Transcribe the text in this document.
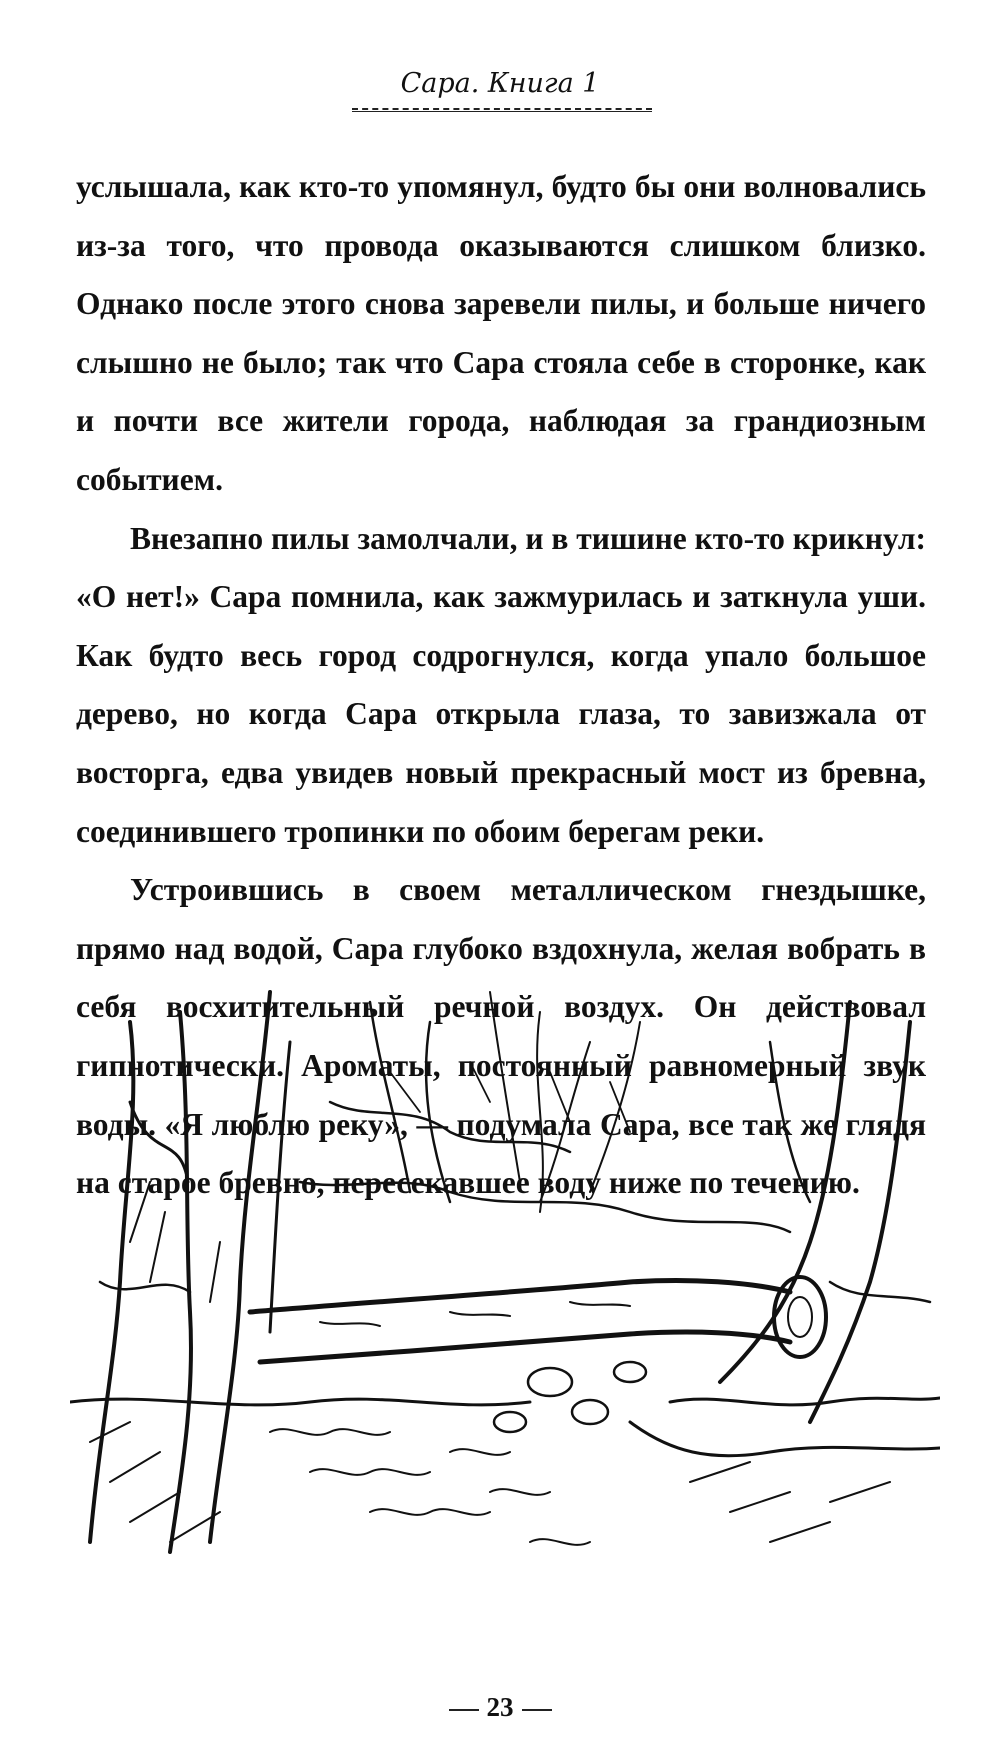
Сара. Книга 1

услышала, как кто-то упомянул, будто бы они волновались из-за того, что провода оказываются слишком близко. Однако после этого снова заревели пилы, и больше ничего слышно не было; так что Сара стояла себе в сторонке, как и почти все жители города, наблюдая за грандиозным событием.

Внезапно пилы замолчали, и в тишине кто-то крикнул: «О нет!» Сара помнила, как зажмурилась и заткнула уши. Как будто весь город содрогнулся, когда упало большое дерево, но когда Сара открыла глаза, то завизжала от восторга, едва увидев новый прекрасный мост из бревна, соединившего тропинки по обоим берегам реки.

Устроившись в своем металлическом гнездышке, прямо над водой, Сара глубоко вздохнула, желая вобрать в себя восхитительный речной воздух. Он действовал гипнотически. Ароматы, постоянный равномерный звук воды. «Я люблю реку», — подумала Сара, все так же глядя на старое бревно, пересекавшее воду ниже по течению.

23
